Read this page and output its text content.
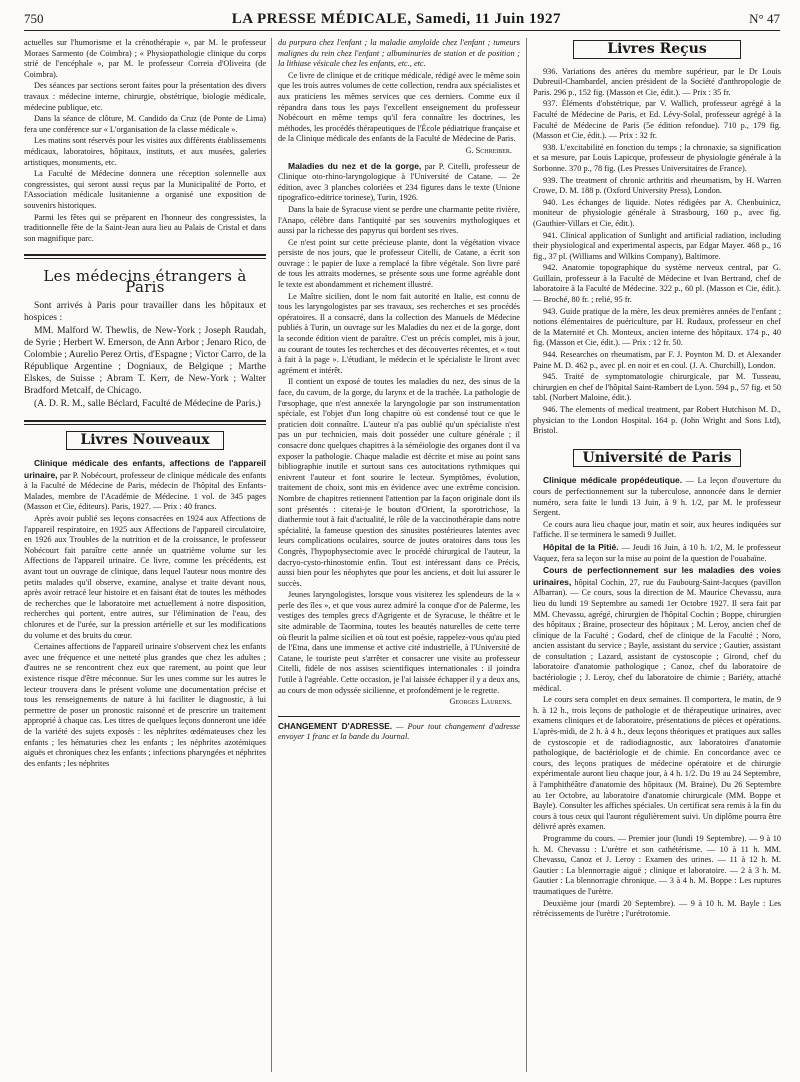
750	LA PRESSE MÉDICALE, Samedi, 11 Juin 1927	N° 47

actuelles sur l'humorisme et la crénothérapie », par M. le professeur Moraes Sarmento (de Coimbra) ; « Physiopathologie clinique du corps strié de l'encéphale », par M. le professeur Correia d'Oliveira (de Coimbra).

Des séances par sections seront faites pour la présentation des divers travaux : médecine interne, chirurgie, obstétrique, biologie médicale, médecine publique, etc.

Dans la séance de clôture, M. Candido da Cruz (de Ponte de Lima) fera une conférence sur « L'organisation de la classe médicale ».

Les matins sont réservés pour les visites aux différents établissements médicaux, laboratoires, hôpitaux, instituts, et aux musées, galeries artistiques, monuments, etc.

La Faculté de Médecine donnera une réception solennelle aux congressistes, qui seront aussi reçus par la Municipalité de Porto, et l'Association médicale lusitanienne a organisé une exposition de souvenirs historiques.

Parmi les fêtes qui se préparent en l'honneur des congressistes, la traditionnelle fête de la Saint-Jean aura lieu au Palais de Cristal et dans son magnifique parc.

Les médecins étrangers à Paris

Sont arrivés à Paris pour travailler dans les hôpitaux et hospices :

MM. Malford W. Thewlis, de New-York ; Joseph Raudah, de Syrie ; Herbert W. Emerson, de Ann Arbor ; Jenaro Rico, de Colombie ; Aurelio Perez Ortis, d'Espagne ; Victor Carro, de la République Argentine ; Dogniaux, de Belgique ; Marthe Elskes, de Suisse ; Abram T. Kerr, de New-York ; Walter Bradford Metcalf, de Chicago.

(A. D. R. M., salle Béclard, Faculté de Médecine de Paris.)

Livres Nouveaux

Clinique médicale des enfants, affections de l'appareil urinaire, par P. Nobécourt, professeur de clinique médicale des enfants à la Faculté de Médecine de Paris, médecin de l'hôpital des Enfants-Malades, membre de l'Académie de Médecine. 1 vol. de 345 pages (Masson et Cie, éditeurs). Paris, 1927. — Prix : 40 francs.

Après avoir publié ses leçons consacrées en 1924 aux Affections de l'appareil respiratoire, en 1925 aux Affections de l'appareil circulatoire, en 1926 aux Troubles de la nutrition et de la croissance, le professeur Nobécourt fait paraître cette année un quatrième volume sur les Affections de l'appareil urinaire. Ce livre, comme les précédents, est avant tout un ouvrage de clinique, dans lequel l'auteur nous montre des petits malades qu'il observe, examine, analyse et traite devant nous, après avoir retracé leur histoire et en faisant état de toutes les méthodes de recherches que le laboratoire met actuellement à notre disposition, recherches qui portent, entre autres, sur l'élimination de l'eau, des chlorures et de l'urée, sur la pression artérielle et sur les modifications du volume et des bruits du cœur.

Certaines affections de l'appareil urinaire s'observent chez les enfants avec une fréquence et une netteté plus grandes que chez les adultes ; d'autres ne se rencontrent chez eux que rarement, au point que leur existence risque d'être méconnue. Sur les unes comme sur les autres le lecteur trouvera dans le présent volume une documentation précise et tous les renseignements de nature à lui faciliter le diagnostic, à lui permettre de poser un pronostic raisonné et de prescrire un traitement approprié à chaque cas. Les titres de quelques leçons donneront une idée de la variété des sujets exposés : les néphrites œdémateuses chez les enfants ; les hématuries chez les enfants ; les néphrites azotémiques aiguës et chroniques chez les enfants ; infections pharyngées et néphrites des enfants ; les néphrites

du purpura chez l'enfant ; la maladie amyloïde chez l'enfant ; tumeurs malignes du rein chez l'enfant ; albuminuries de station et de position ; la lithiase vésicale chez les enfants, etc., etc.

Ce livre de clinique et de critique médicale, rédigé avec le même soin que les trois autres volumes de cette collection, rendra aux spécialistes et aux praticiens les mêmes services que ces derniers. Comme eux il répandra dans tous les pays l'excellent enseignement du professeur Nobécourt en même temps qu'il fera connaître les doctrines, les méthodes, les procédés thérapeutiques de l'École pédiatrique française et de la Clinique médicale des enfants de la Faculté de Médecine de Paris.

G. Schreiber.

Maladies du nez et de la gorge, par P. Citelli, professeur de Clinique oto-rhino-laryngologique à l'Université de Catane. — 2e édition, avec 3 planches coloriées et 234 figures dans le texte (Unione tipografico-editrice torinese), Turin, 1926.

Dans la baie de Syracuse vient se perdre une charmante petite rivière, l'Anapo, célèbre dans l'antiquité par ses souvenirs mythologiques et aussi par la richesse des papyrus qui bordent ses rives.

Ce n'est point sur cette précieuse plante, dont la végétation vivace persiste de nos jours, que le professeur Citelli, de Catane, a écrit son ouvrage : le papier de luxe a remplacé la fibre végétale. Son livre paré de tous les attraits modernes, se présente sous une forme agréable dont le texte est abondamment et richement illustré.

Le Maître sicilien, dont le nom fait autorité en Italie, est connu de tous les laryngologistes par ses travaux, ses recherches et ses procédés opératoires. Il a consacré, dans la collection des Manuels de Médecine publiés à Turin, un ouvrage sur les Maladies du nez et de la gorge, dont la seconde édition vient de paraître. C'est un précis complet, mis à jour, au courant de toutes les recherches et des découvertes récentes, et « tout à fait à la page ». L'étudiant, le médecin et le spécialiste le liront avec agrément et intérêt.

Il contient un exposé de toutes les maladies du nez, des sinus de la face, du cavum, de la gorge, du larynx et de la trachée. La pathologie de l'œsophage, que n'est annexée la laryngologie par son instrumentation spéciale, est l'objet d'un long chapitre où est condensé tout ce que le praticien doit connaître. L'auteur n'a pas oublié qu'un spécialiste n'est pas un pur technicien, mais doit posséder une culture générale ; il consacre donc quelques chapitres à la séméiologie des organes dont il va exposer la pathologie. Chaque maladie est décrite et mise au point sans bibliographie inutile et surtout sans ces autocitations rythmiques qui enivrent l'auteur et font sourire le lecteur. Symptômes, évolution, traitement de choix, sont mis en évidence avec une extrême concision. Nombre de chapitres retiennent l'attention par la façon originale dont ils sont présentés : citerai-je le bouton d'Orient, la sporotrichose, la diathermie tout à fait d'actualité, le rôle de la vaccinothérapie dans notre spécialité, la fameuse question des sinusites postérieures latentes avec leurs complications oculaires, source de joutes oratoires dans tous les Congrès, l'hypophysectomie avec le procédé chirurgical de l'auteur, la dacryo-cysto-rhinostomie enfin. Tout est intéressant dans ce Précis, aussi bien pour les néophytes que pour les anciens, et doit lui assurer le succès.

Jeunes laryngologistes, lorsque vous visiterez les splendeurs de la « perle des îles », et que vous aurez admiré la conque d'or de Palerme, les vestiges des temples grecs d'Agrigente et de Syracuse, le théâtre et le site admirable de Taormina, toutes les beautés naturelles de cette terre où fleurit la palme sicilien et où tout est poésie, rappelez-vous qu'au pied de l'Etna, dans une immense et active cité industrielle, à l'Université de Catane, le touriste peut s'arrêter et consacrer une visite au professeur Citelli, fidèle de nos assises scientifiques internationales : il joindra l'utile à l'agréable. Cette occasion, je l'ai laissée échapper il y a deux ans, au cours de mon odyssée sicilienne, et profondément je le regrette.

Georges Laurens.
CHANGEMENT D'ADRESSE. — Pour tout changement d'adresse envoyer 1 franc et la bande du Journal.
Livres Reçus

936. Variations des artères du membre supérieur, par le Dr Louis Dubreuil-Chambardel, ancien président de la Société d'anthropologie de Paris. 296 p., 152 fig. (Masson et Cie, édit.). — Prix : 35 fr.

937. Éléments d'obstétrique, par V. Wallich, professeur agrégé à la Faculté de Médecine de Paris, et Ed. Lévy-Solal, professeur agrégé à la Faculté de Médecine de Paris (5e édition refondue). 710 p., 179 fig. (Masson et Cie, édit.). — Prix : 32 fr.

938. L'excitabilité en fonction du temps ; la chronaxie, sa signification et sa mesure, par Louis Lapicque, professeur de physiologie générale à la Sorbonne. 370 p., 78 fig. (Les Presses Universitaires de France).

939. The treatment of chronic arthritis and rheumatism, by H. Warren Crowe, D. M. 188 p. (Oxford University Press), London.

940. Les échanges de liquide. Notes rédigées par A. Chenbuinicz, moniteur de physiologie générale à Strasbourg, 160 p., avec fig. (Gauthier-Villars et Cie, édit.).

941. Clinical application of Sunlight and artificial radiation, including their physiological and experimental aspects, par Edgar Mayer. 468 p., 16 fig., 37 pl. (Williams and Wilkins Company), Baltimore.

942. Anatomie topographique du système nerveux central, par G. Guillain, professeur à la Faculté de Médecine et Ivan Bertrand, chef de laboratoire à la Faculté de Médecine. 322 p., 60 pl. (Masson et Cie, édit.). — Broché, 80 fr. ; relié, 95 fr.

943. Guide pratique de la mère, les deux premières années de l'enfant ; notions élémentaires de puériculture, par H. Rudaux, professeur en chef de la Maternité et Ch. Monteux, ancien interne des hôpitaux. 174 p., 40 fig. (Masson et Cie, édit.). — Prix : 12 fr. 50.

944. Researches on rheumatism, par F. J. Poynton M. D. et Alexander Paine M. D. 462 p., avec pl. en noir et en coul. (J. A. Churchill), London.

945. Traité de symptomatologie chirurgicale, par M. Tusseau, chirurgien en chef de l'hôpital Saint-Rambert de Lyon. 594 p., 57 fig. et 50 tabl. (Norbert Maloine, édit.).

946. The elements of medical treatment, par Robert Hutchison M. D., physician to the London Hospital. 164 p. (John Wright and Sons Ltd), Bristol.

Université de Paris

Clinique médicale propédeutique. — La leçon d'ouverture du cours de perfectionnement sur la tuberculose, annoncée dans le dernier numéro, sera faite le lundi 13 Juin, à 9 h. 1/2, par M. le professeur Sergent.

Ce cours aura lieu chaque jour, matin et soir, aux heures indiquées sur l'affiche. Il se terminera le samedi 9 Juillet.

Hôpital de la Pitié. — Jeudi 16 Juin, à 10 h. 1/2, M. le professeur Vaquez, fera sa leçon sur la mise au point de la question de l'ouabaïne.

Cours de perfectionnement sur les maladies des voies urinaires, hôpital Cochin, 27, rue du Faubourg-Saint-Jacques (pavillon Albarran). — Ce cours, sous la direction de M. Maurice Chevassu, aura lieu du lundi 19 Septembre au samedi 1er Octobre 1927. Il sera fait par MM. Chevassu, agrégé, chirurgien de l'hôpital Cochin ; Boppe, chirurgien des hôpitaux ; Braine, prosecteur des hôpitaux ; M. Leroy, ancien chef de clinique de la Faculté ; Godard, chef de clinique de la Faculté ; Noro, ancien assistant du service ; Bayle, assistant du service ; Gautier, assistant de consultation ; Lazard, assistant de cystoscopie ; Girond, chef du laboratoire d'anatomie pathologique ; Canoz, chef du laboratoire de bactériologie ; J. Leroy, chef du laboratoire de chimie ; Bariéty, attaché médical.

Le cours sera complet en deux semaines. Il comportera, le matin, de 9 h. à 12 h., trois leçons de pathologie et de thérapeutique urinaires, avec examens cliniques et de laboratoire, présentations de pièces et opérations. L'après-midi, de 2 h. à 4 h., deux leçons théoriques et pratiques aux salles de cystoscopie et de radiodiagnostic, aux laboratoires d'anatomie pathologique, de bactériologie et de chimie. En concordance avec ce cours, des leçons pratiques de médecine opératoire et de chirurgie expérimentale auront lieu chaque jour, à 4 h. 1/2. Du 19 au 24 Septembre, à l'amphithéâtre d'anatomie des hôpitaux (M. Braine). Du 26 Septembre au 1er Octobre, au laboratoire d'anatomie chirurgicale (MM. Boppe et Bayle). Consulter les affiches spéciales. Un certificat sera remis à la fin du cours à tous ceux qui l'auront régulièrement suivi. Un diplôme pourra être délivré après examen.

Programme du cours. — Premier jour (lundi 19 Septembre). — 9 à 10 h. M. Chevassu : L'urètre et son cathétérisme. — 10 à 11 h. MM. Chevassu, Canoz et J. Leroy : Examen des urines. — 11 à 12 h. M. Gautier : La blennorragie aiguë ; clinique et laboratoire. — 2 à 3 h. M. Gautier : La blennorragie chronique. — 3 à 4 h. M. Boppe : Les ruptures traumatiques de l'urètre.

Deuxième jour (mardi 20 Septembre). — 9 à 10 h. M. Bayle : Les rétrécissements de l'urètre ; l'urétrotomie.
